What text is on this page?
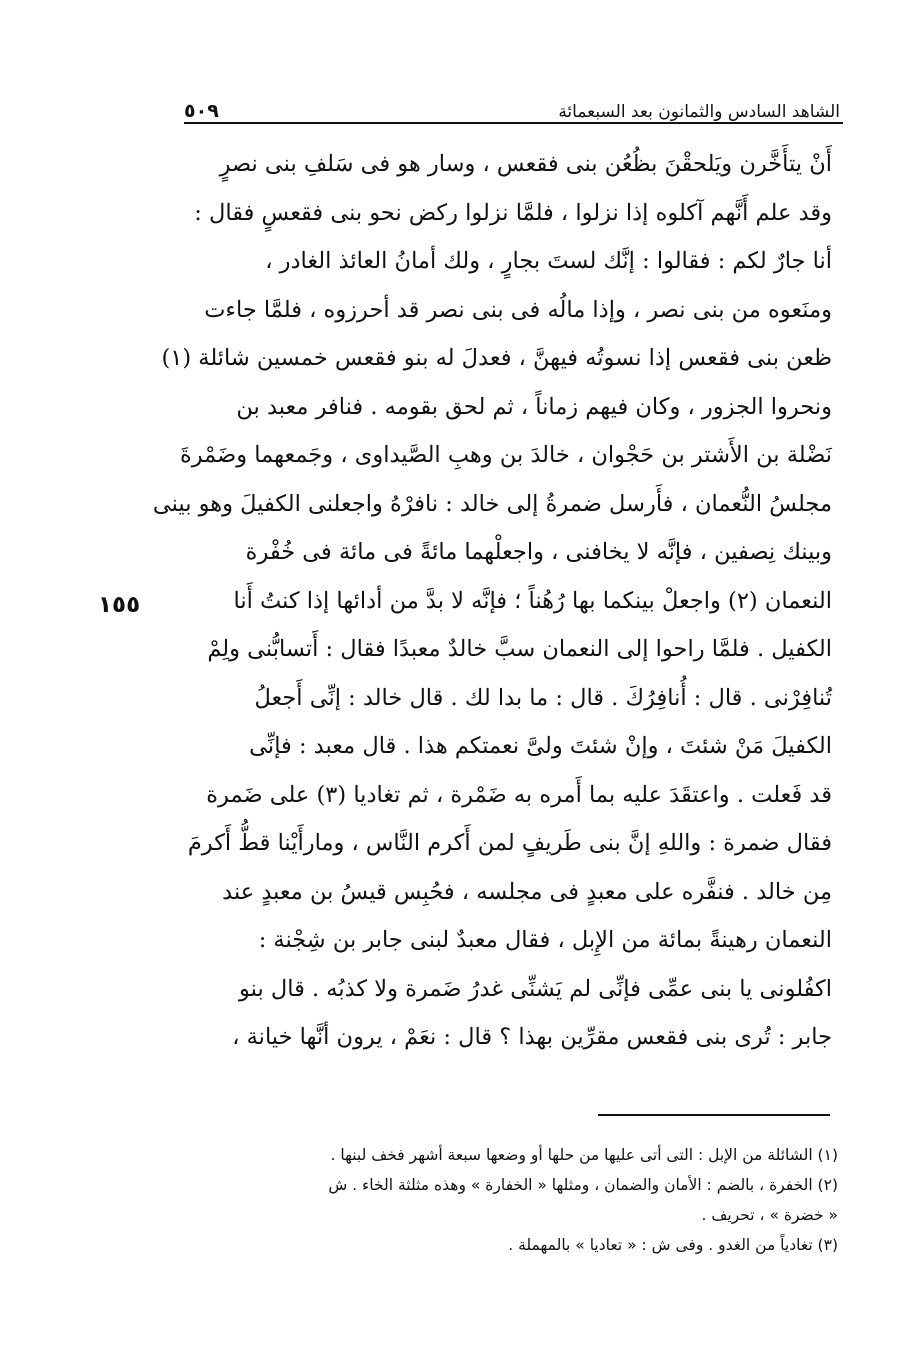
الشاهد السادس والثمانون بعد السبعمائة
٥٠٩
أَنْ يتأَخَّرن ويَلحقْنَ بظُعُن بنى فقعس ، وسار هو فى سَلفِ بنى نصرٍ
وقد علم أَنَّهم آكلوه إذا نزلوا ، فلمَّا نزلوا ركض نحو بنى فقعسٍ فقال :
أنا جارٌ لكم : فقالوا : إنَّك لستَ بجارٍ ، ولك أمانُ العائذ الغادر ،
ومنَعوه من بنى نصر ، وإذا مالُه فى بنى نصر قد أحرزوه ، فلمَّا جاءت
ظعن بنى فقعس إذا نسوتُه فيهنَّ ، فعدلَ له بنو فقعس خمسين شائلة (١)
ونحروا الجزور ، وكان فيهم زماناً ، ثم لحق بقومه . فنافر معبد بن
نَضْلة بن الأَشتر بن حَجْوان ، خالدَ بن وهبِ الصَّيداوى ، وجَمعهما وضَمْرةَ
مجلسُ النُّعمان ، فأَرسل ضمرةُ إلى خالد : نافرْهُ واجعلنى الكفيلَ وهو بينى
وبينك نِصفين ، فإنَّه لا يخافنى ، واجعلْهما مائةً فى مائة فى خُفْرة
النعمان (٢) واجعلْ بينكما بها رُهُناً ؛ فإنَّه لا بدَّ من أدائها إذا كنتُ أَنا
الكفيل . فلمَّا راحوا إلى النعمان سبَّ خالدٌ معبدًا فقال : أَتسابُّنى ولِمْ
تُنافِرْنى . قال : أُنافِرُكَ . قال : ما بدا لك . قال خالد : إنِّى أَجعلُ
الكفيلَ مَنْ شئتَ ، وإنْ شئتَ ولىَّ نعمتكم هذا . قال معبد : فإنِّى
قد فَعلت . واعتقَدَ عليه بما أَمره به ضَمْرة ، ثم تغاديا (٣) على ضَمرة
فقال ضمرة : واللهِ إنَّ بنى طَريفٍ لمن أَكرم النَّاس ، ومارأَيْنا قطُّ أَكرمَ
مِن خالد . فنفَّره على معبدٍ فى مجلسه ، فحُبِس قيسُ بن معبدٍ عند
النعمان رهينةً بمائة من الإِبل ، فقال معبدٌ لبنى جابر بن شِجْنة :
اكفُلونى يا بنى عمِّى فإنِّى لم يَشنِّى غدرُ ضَمرة ولا كذبُه . قال بنو
جابر : تُرى بنى فقعس مقرِّين بهذا ؟ قال : نعَمْ ، يرون أنَّها خيانة ،
١٥٥
(١) الشائلة من الإبل : التى أتى عليها من حلها أو وضعها سبعة أشهر فخف لبنها .
(٢) الخفرة ، بالضم : الأمان والضمان ، ومثلها « الخفارة » وهذه مثلثة الخاء . ش
« خضرة » ، تحريف .
(٣) تغادياً من الغدو . وفى ش : « تعاديا » بالمهملة .
